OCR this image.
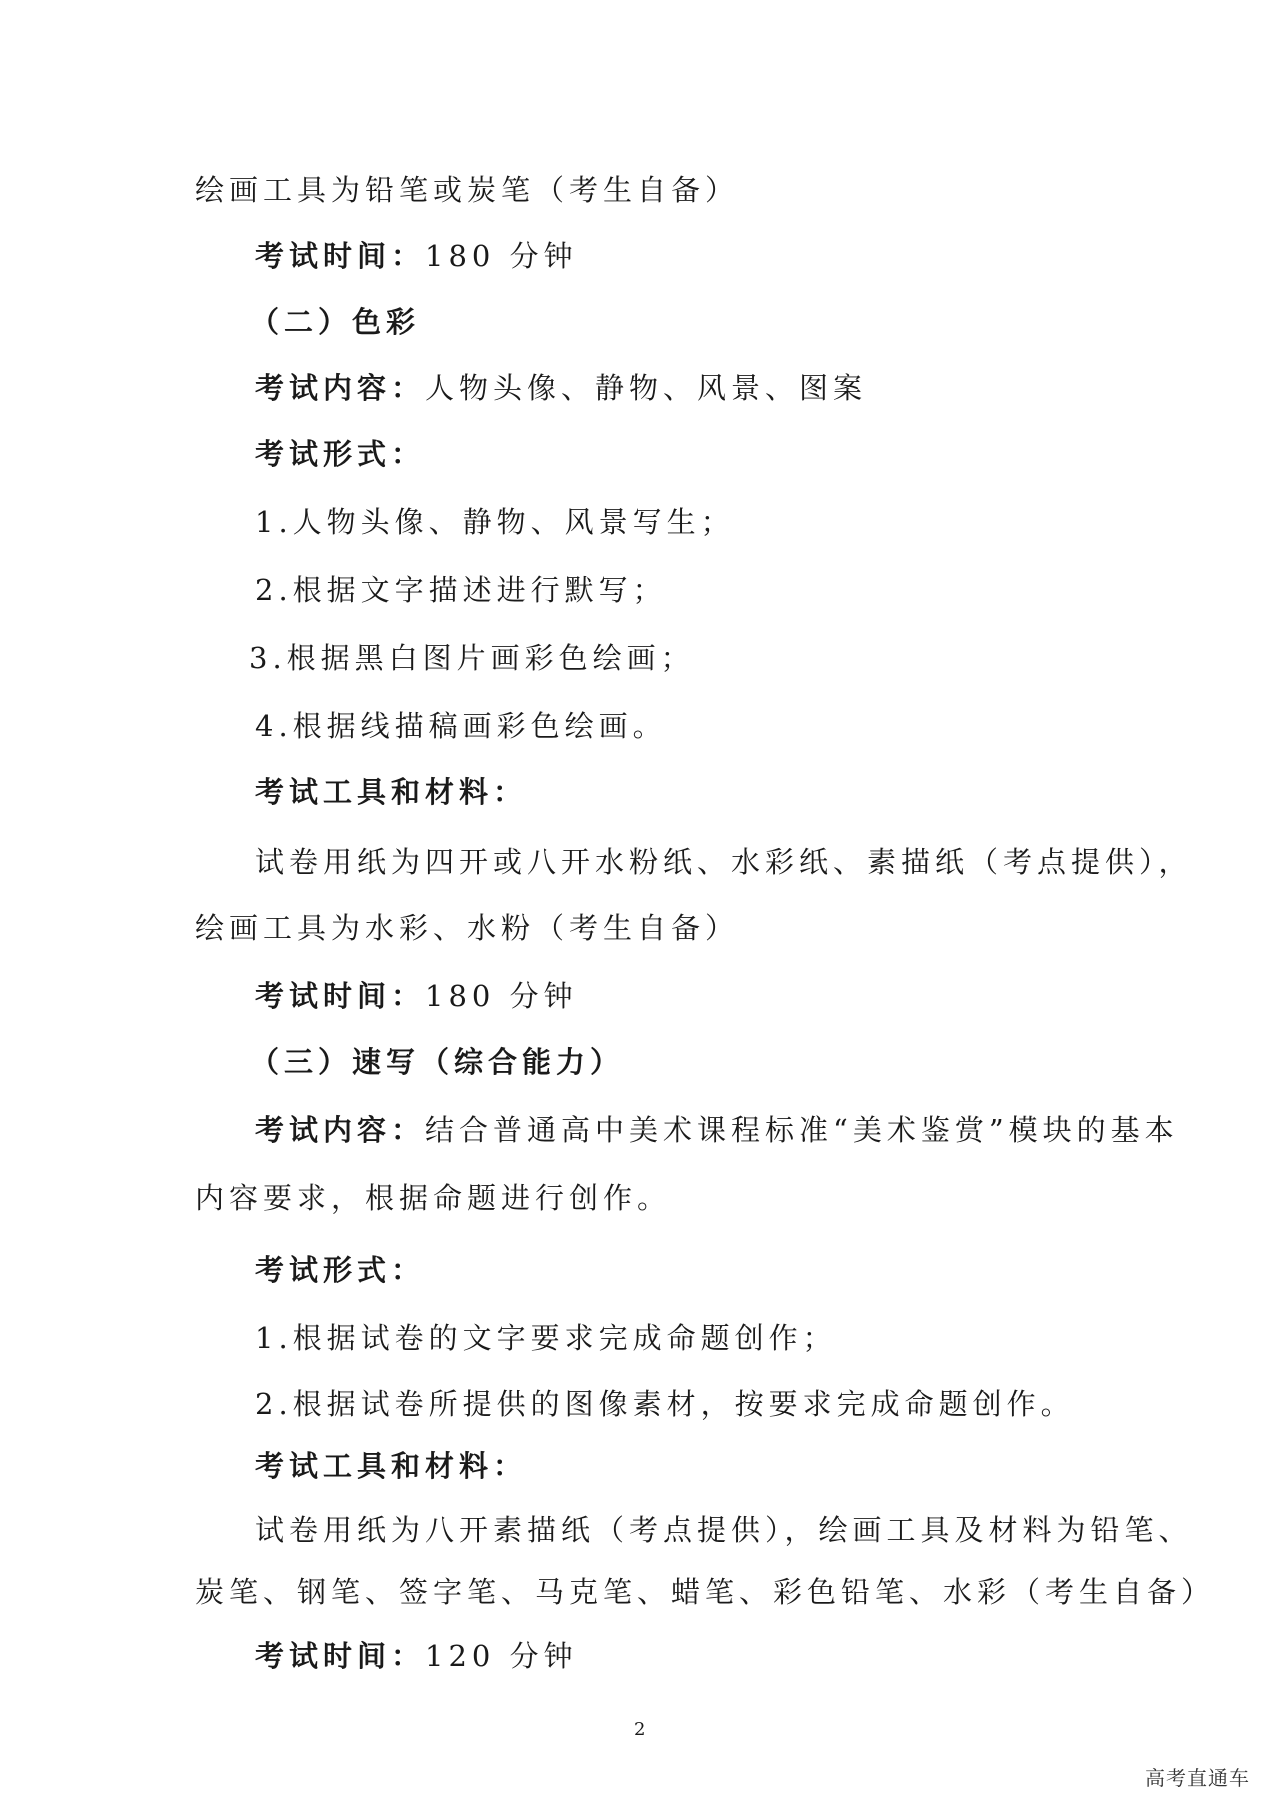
绘画工具为铅笔或炭笔（考生自备）
考试时间：180 分钟
（二）色彩
考试内容：人物头像、静物、风景、图案
考试形式：
1.人物头像、静物、风景写生；
2.根据文字描述进行默写；
3.根据黑白图片画彩色绘画；
4.根据线描稿画彩色绘画。
考试工具和材料：
试卷用纸为四开或八开水粉纸、水彩纸、素描纸（考点提供），
绘画工具为水彩、水粉（考生自备）
考试时间：180 分钟
（三）速写（综合能力）
考试内容：结合普通高中美术课程标准“美术鉴赏”模块的基本
内容要求，根据命题进行创作。
考试形式：
1.根据试卷的文字要求完成命题创作；
2.根据试卷所提供的图像素材，按要求完成命题创作。
考试工具和材料：
试卷用纸为八开素描纸（考点提供），绘画工具及材料为铅笔、
炭笔、钢笔、签字笔、马克笔、蜡笔、彩色铅笔、水彩（考生自备）
考试时间：120 分钟
2
高考直通车
